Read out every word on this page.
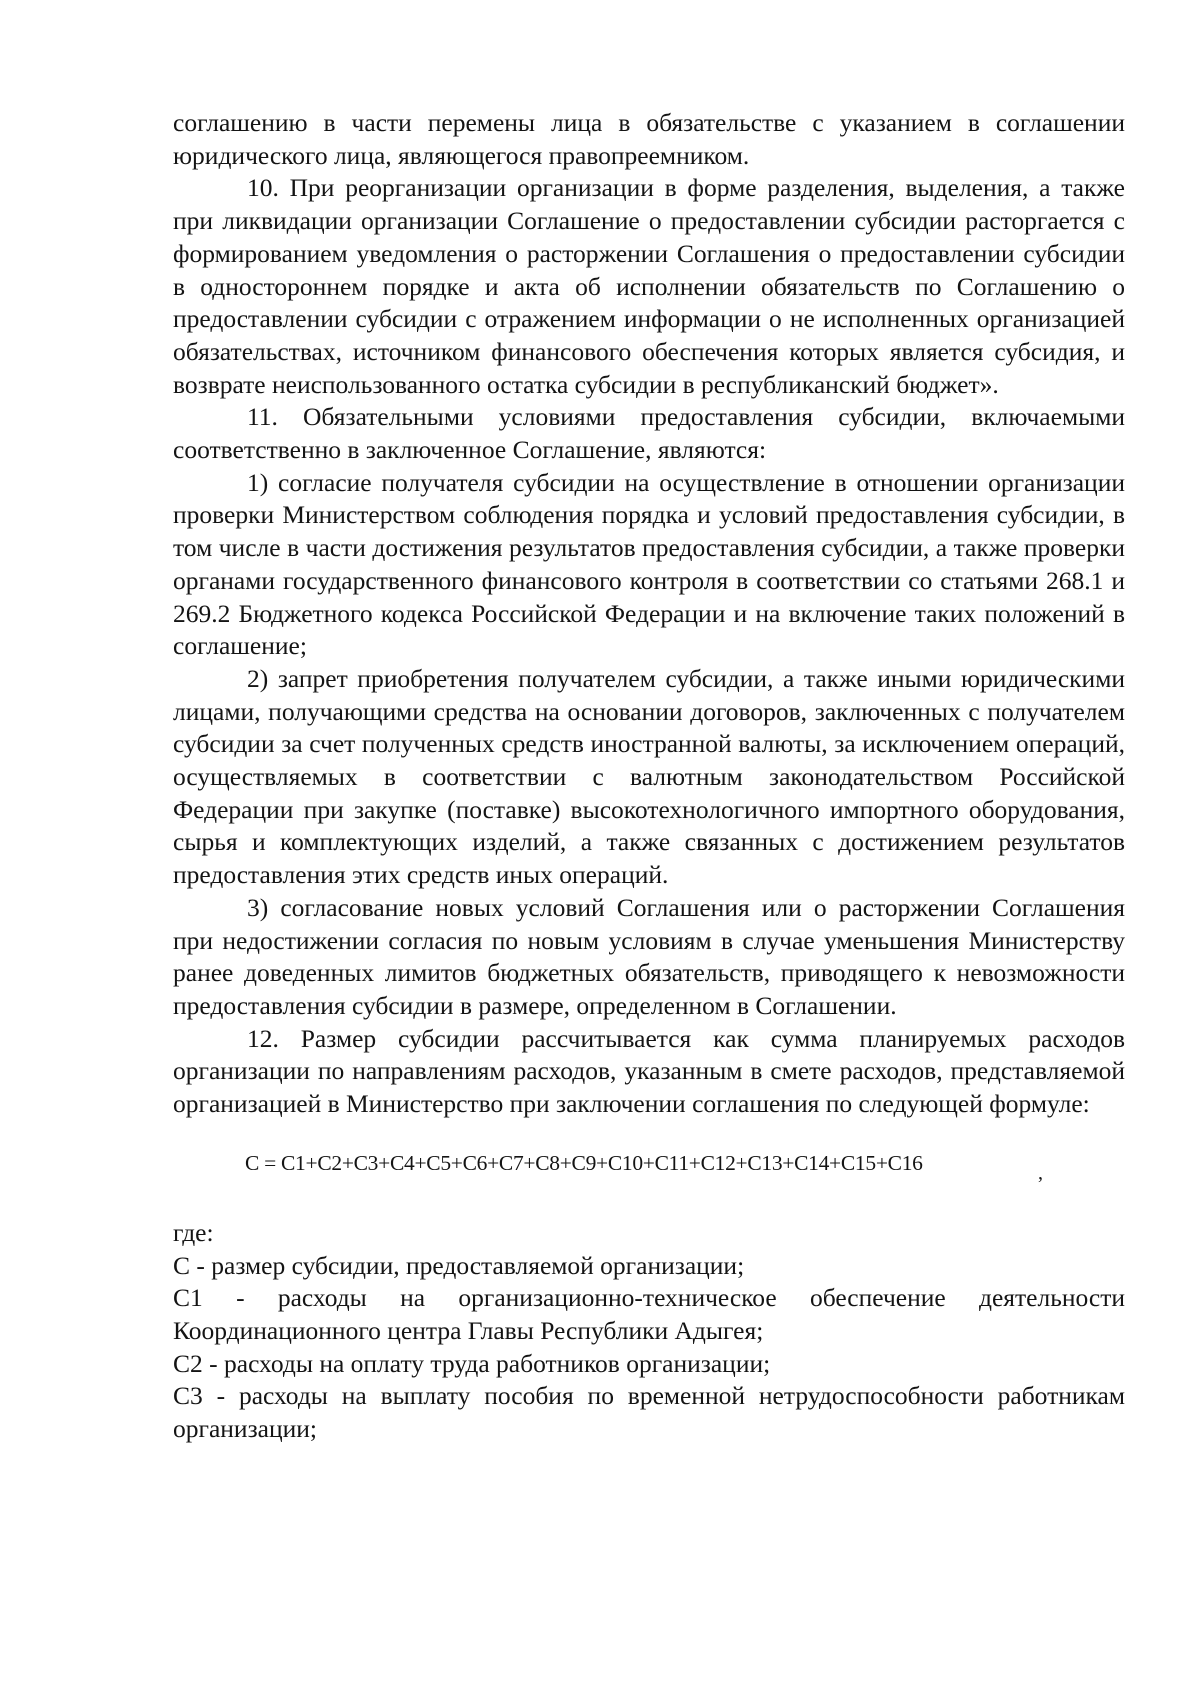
соглашению в части перемены лица в обязательстве с указанием в соглашении юридического лица, являющегося правопреемником.

10. При реорганизации организации в форме разделения, выделения, а также при ликвидации организации Соглашение о предоставлении субсидии расторгается с формированием уведомления о расторжении Соглашения о предоставлении субсидии в одностороннем порядке и акта об исполнении обязательств по Соглашению о предоставлении субсидии с отражением информации о не исполненных организацией обязательствах, источником финансового обеспечения которых является субсидия, и возврате неиспользованного остатка субсидии в республиканский бюджет».

11. Обязательными условиями предоставления субсидии, включаемыми соответственно в заключенное Соглашение, являются:

1) согласие получателя субсидии на осуществление в отношении организации проверки Министерством соблюдения порядка и условий предоставления субсидии, в том числе в части достижения результатов предоставления субсидии, а также проверки органами государственного финансового контроля в соответствии со статьями 268.1 и 269.2 Бюджетного кодекса Российской Федерации и на включение таких положений в соглашение;

2) запрет приобретения получателем субсидии, а также иными юридическими лицами, получающими средства на основании договоров, заключенных с получателем субсидии за счет полученных средств иностранной валюты, за исключением операций, осуществляемых в соответствии с валютным законодательством Российской Федерации при закупке (поставке) высокотехнологичного импортного оборудования, сырья и комплектующих изделий, а также связанных с достижением результатов предоставления этих средств иных операций.

3) согласование новых условий Соглашения или о расторжении Соглашения при недостижении согласия по новым условиям в случае уменьшения Министерству ранее доведенных лимитов бюджетных обязательств, приводящего к невозможности предоставления субсидии в размере, определенном в Соглашении.

12. Размер субсидии рассчитывается как сумма планируемых расходов организации по направлениям расходов, указанным в смете расходов, представляемой организацией в Министерство при заключении соглашения по следующей формуле:

С = С1+С2+С3+С4+С5+С6+С7+С8+С9+С10+С11+С12+С13+С14+С15+С16	,

где:

С - размер субсидии, предоставляемой организации;

С1 - расходы на организационно-техническое обеспечение деятельности Координационного центра Главы Республики Адыгея;

С2 - расходы на оплату труда работников организации;

С3 - расходы на выплату пособия по временной нетрудоспособности работникам организации;
